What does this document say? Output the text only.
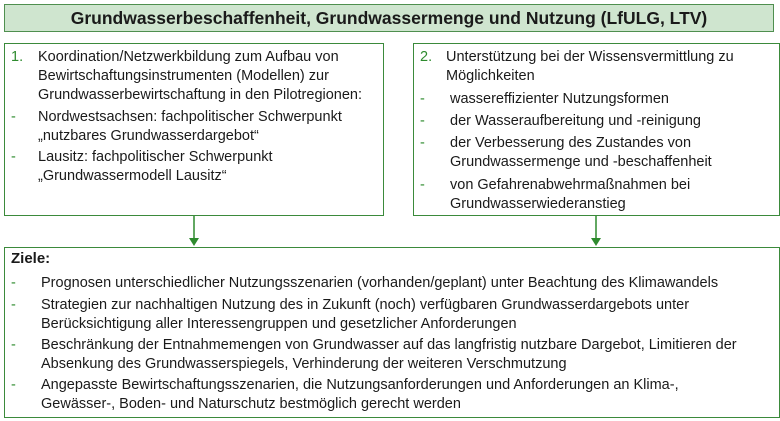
Grundwasserbeschaffenheit, Grundwassermenge und Nutzung (LfULG, LTV)
1. Koordination/Netzwerkbildung zum Aufbau von
Bewirtschaftungsinstrumenten (Modellen) zur
Grundwasserbewirtschaftung in den Pilotregionen:
- Nordwestsachsen: fachpolitischer Schwerpunkt
„nutzbares Grundwasserdargebot“
- Lausitz: fachpolitischer Schwerpunkt
„Grundwassermodell Lausitz“
2. Unterstützung bei der Wissensvermittlung zu
Möglichkeiten
- wassereffizienter Nutzungsformen
- der Wasseraufbereitung und -reinigung
- der Verbesserung des Zustandes von
Grundwassermenge und -beschaffenheit
- von Gefahrenabwehrmaßnahmen bei
Grundwasserwiederanstieg
Ziele:
- Prognosen unterschiedlicher Nutzungsszenarien (vorhanden/geplant) unter Beachtung des Klimawandels
- Strategien zur nachhaltigen Nutzung des in Zukunft (noch) verfügbaren Grundwasserdargebots unter
Berücksichtigung aller Interessengruppen und gesetzlicher Anforderungen
- Beschränkung der Entnahmemengen von Grundwasser auf das langfristig nutzbare Dargebot, Limitieren der
Absenkung des Grundwasserspiegels, Verhinderung der weiteren Verschmutzung
- Angepasste Bewirtschaftungsszenarien, die Nutzungsanforderungen und Anforderungen an Klima-,
Gewässer-, Boden- und Naturschutz bestmöglich gerecht werden
